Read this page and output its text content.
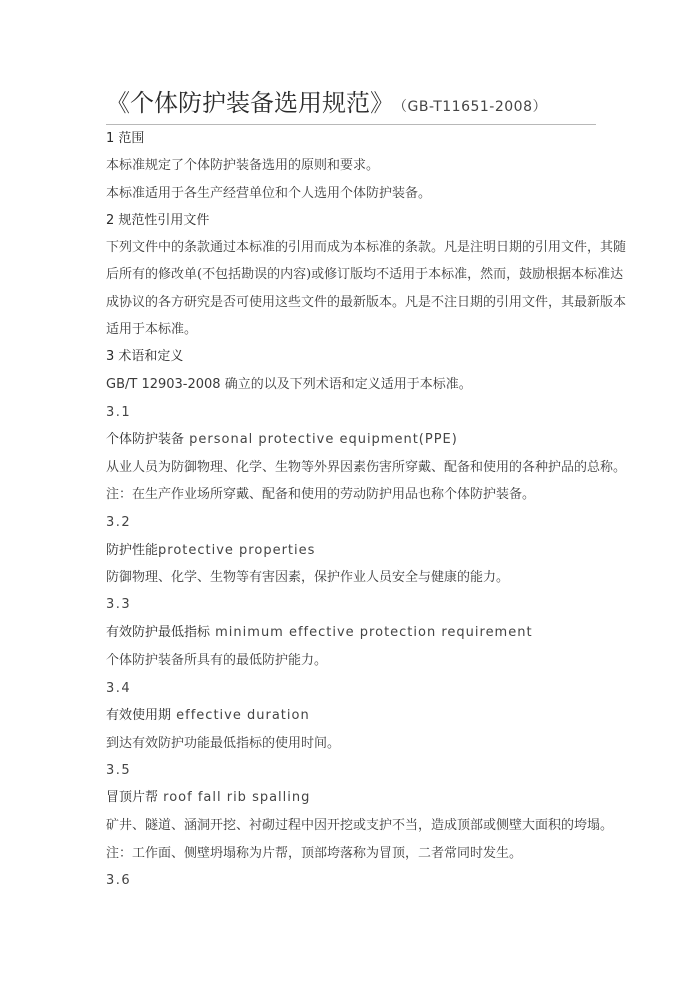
《个体防护装备选用规范》 （GB-T11651-2008）
1 范围
本标准规定了个体防护装备选用的原则和要求。
本标准适用于各生产经营单位和个人选用个体防护装备。
2 规范性引用文件
下列文件中的条款通过本标准的引用而成为本标准的条款。凡是注明日期的引用文件，其随
后所有的修改单(不包括勘误的内容)或修订版均不适用于本标准，然而，鼓励根据本标准达
成协议的各方研究是否可使用这些文件的最新版本。凡是不注日期的引用文件，其最新版本
适用于本标准。
3 术语和定义
GB/T 12903-2008 确立的以及下列术语和定义适用于本标准。
3.1
个体防护装备 personal protective equipment(PPE)
从业人员为防御物理、化学、生物等外界因素伤害所穿戴、配备和使用的各种护品的总称。
注：在生产作业场所穿戴、配备和使用的劳动防护用品也称个体防护装备。
3.2
防护性能protective properties
防御物理、化学、生物等有害因素，保护作业人员安全与健康的能力。
3.3
有效防护最低指标 minimum effective protection requirement
个体防护装备所具有的最低防护能力。
3.4
有效使用期 effective duration
到达有效防护功能最低指标的使用时间。
3.5
冒顶片帮 roof fall rib spalling
矿井、隧道、涵洞开挖、衬砌过程中因开挖或支护不当，造成顶部或侧壁大面积的垮塌。
注：工作面、侧壁坍塌称为片帮，顶部垮落称为冒顶，二者常同时发生。
3.6
